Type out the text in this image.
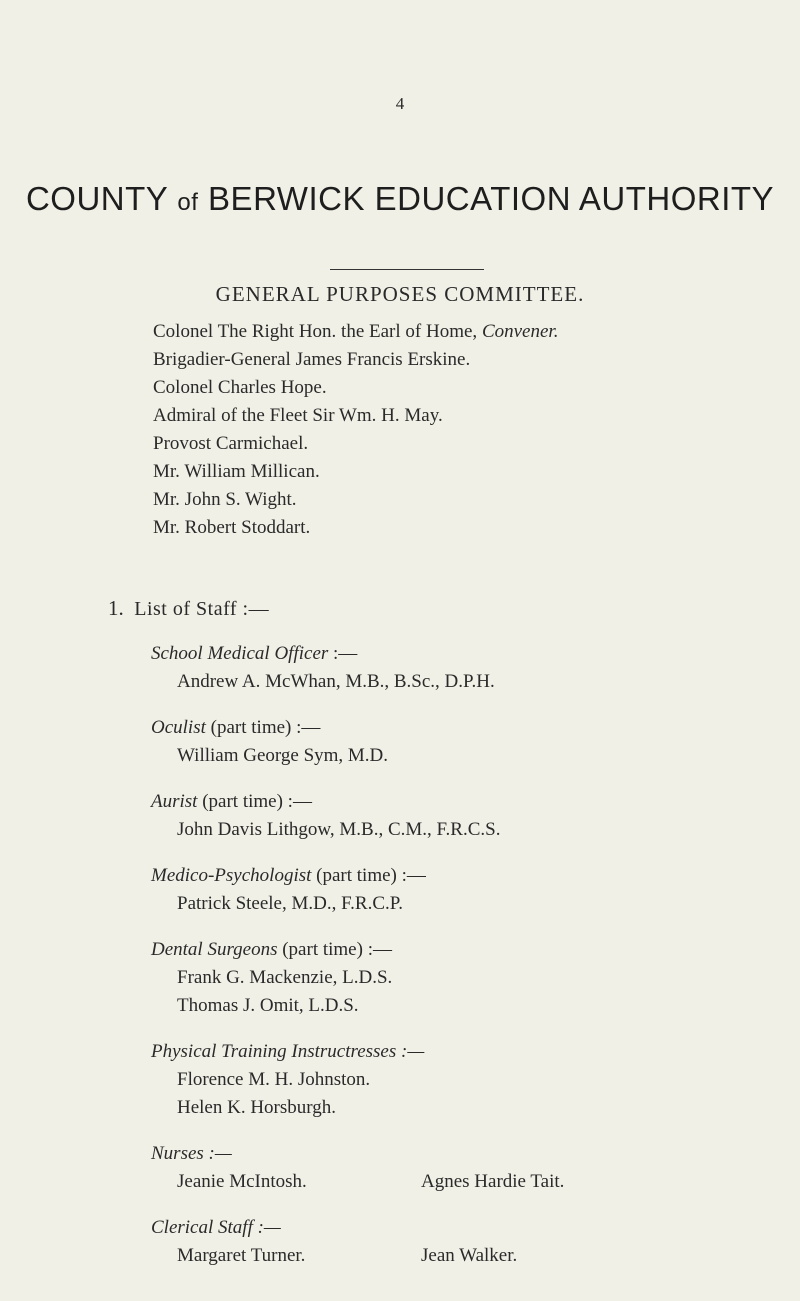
4
COUNTY of BERWICK EDUCATION AUTHORITY
GENERAL PURPOSES COMMITTEE.
Colonel The Right Hon. the Earl of Home, Convener.
Brigadier-General James Francis Erskine.
Colonel Charles Hope.
Admiral of the Fleet Sir Wm. H. May.
Provost Carmichael.
Mr. William Millican.
Mr. John S. Wight.
Mr. Robert Stoddart.
1. List of Staff :—
School Medical Officer :—
Andrew A. McWhan, M.B., B.Sc., D.P.H.
Oculist (part time) :—
William George Sym, M.D.
Aurist (part time) :—
John Davis Lithgow, M.B., C.M., F.R.C.S.
Medico-Psychologist (part time) :—
Patrick Steele, M.D., F.R.C.P.
Dental Surgeons (part time) :—
Frank G. Mackenzie, L.D.S.
Thomas J. Omit, L.D.S.
Physical Training Instructresses :—
Florence M. H. Johnston.
Helen K. Horsburgh.
Nurses :—
Jeanie McIntosh.	Agnes Hardie Tait.
Clerical Staff :—
Margaret Turner.	Jean Walker.
